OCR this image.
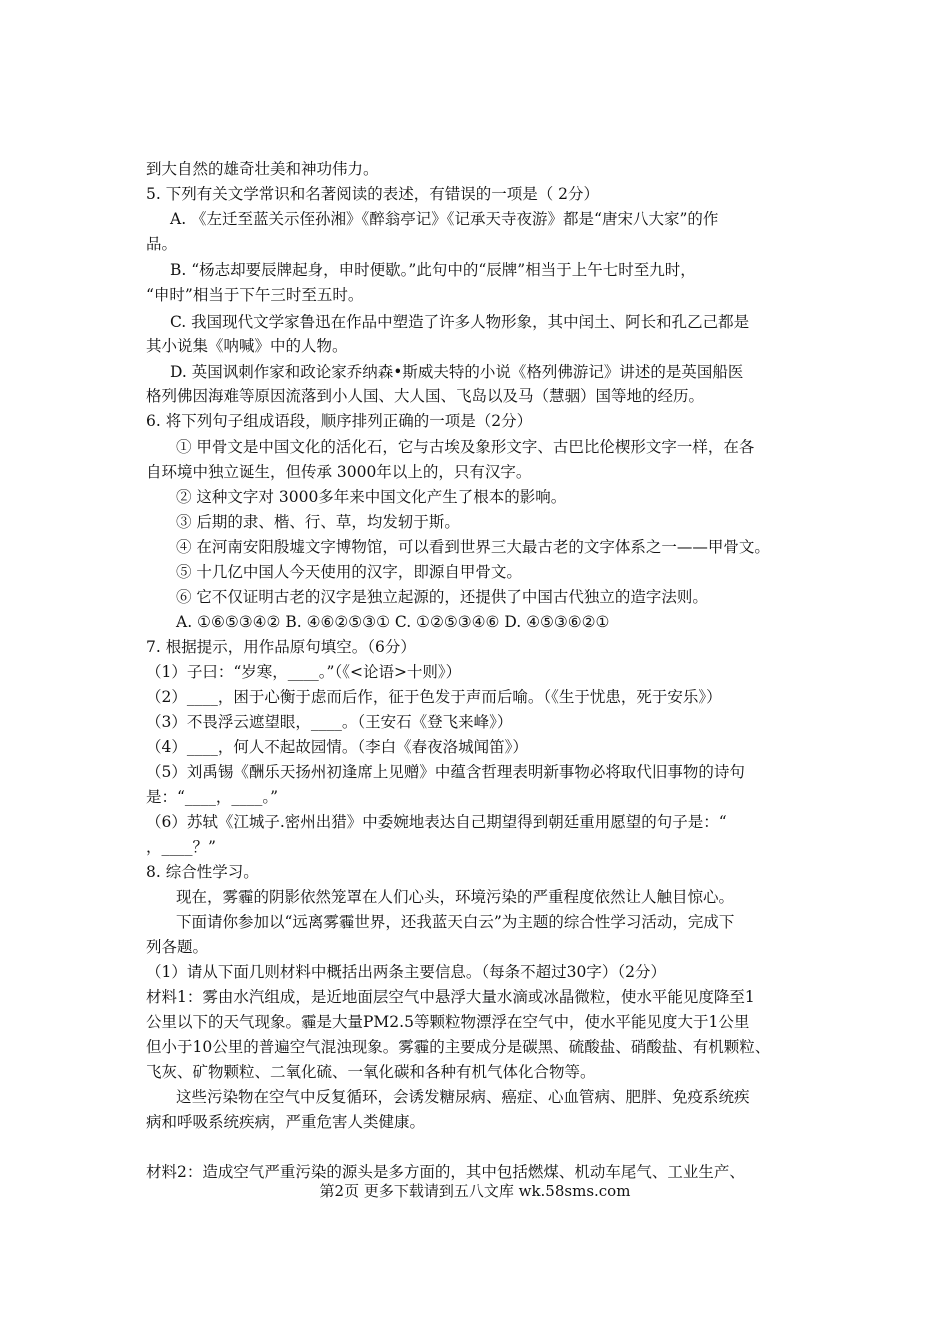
到大自然的雄奇壮美和神功伟力。
5. 下列有关文学常识和名著阅读的表述，有错误的一项是（ 2分）
A. 《左迁至蓝关示侄孙湘》《醉翁亭记》《记承天寺夜游》都是“唐宋八大家”的作
品。
B. “杨志却要辰牌起身，申时便歇。”此句中的“辰牌”相当于上午七时至九时，
“申时”相当于下午三时至五时。
C. 我国现代文学家鲁迅在作品中塑造了许多人物形象，其中闰土、阿长和孔乙己都是
其小说集《呐喊》中的人物。
D. 英国讽刺作家和政论家乔纳森•斯威夫特的小说《格列佛游记》讲述的是英国船医
格列佛因海难等原因流落到小人国、大人国、飞岛以及马（慧骃）国等地的经历。
6. 将下列句子组成语段，顺序排列正确的一项是（2分）
① 甲骨文是中国文化的活化石，它与古埃及象形文字、古巴比伦楔形文字一样，在各
自环境中独立诞生，但传承 3000年以上的，只有汉字。
② 这种文字对 3000多年来中国文化产生了根本的影响。
③ 后期的隶、楷、行、草，均发轫于斯。
④ 在河南安阳殷墟文字博物馆，可以看到世界三大最古老的文字体系之一——甲骨文。
⑤ 十几亿中国人今天使用的汉字，即源自甲骨文。
⑥ 它不仅证明古老的汉字是独立起源的，还提供了中国古代独立的造字法则。
A. ①⑥⑤③④② B. ④⑥②⑤③① C. ①②⑤③④⑥ D. ④⑤③⑥②①
7. 根据提示，用作品原句填空。（6分）
（1）子曰：“岁寒，____。”（《<论语>十则》）
（2）____，困于心衡于虑而后作，征于色发于声而后喻。（《生于忧患，死于安乐》）
（3）不畏浮云遮望眼，____。（王安石《登飞来峰》）
（4）____，何人不起故园情。（李白《春夜洛城闻笛》）
（5）刘禹锡《酬乐天扬州初逢席上见赠》中蕴含哲理表明新事物必将取代旧事物的诗句
是：“____，____。”
（6）苏轼《江城子.密州出猎》中委婉地表达自己期望得到朝廷重用愿望的句子是：“
，____？”
8. 综合性学习。
现在，雾霾的阴影依然笼罩在人们心头，环境污染的严重程度依然让人触目惊心。
下面请你参加以“远离雾霾世界，还我蓝天白云”为主题的综合性学习活动，完成下
列各题。
（1）请从下面几则材料中概括出两条主要信息。（每条不超过30字）（2分）
材料1：雾由水汽组成，是近地面层空气中悬浮大量水滴或冰晶微粒，使水平能见度降至1
公里以下的天气现象。霾是大量PM2.5等颗粒物漂浮在空气中，使水平能见度大于1公里
但小于10公里的普遍空气混浊现象。雾霾的主要成分是碳黑、硫酸盐、硝酸盐、有机颗粒、
飞灰、矿物颗粒、二氧化硫、一氧化碳和各种有机气体化合物等。
这些污染物在空气中反复循环，会诱发糖尿病、癌症、心血管病、肥胖、免疫系统疾
病和呼吸系统疾病，严重危害人类健康。
材料2：造成空气严重污染的源头是多方面的，其中包括燃煤、机动车尾气、工业生产、
第2页 更多下载请到五八文库 wk.58sms.com
